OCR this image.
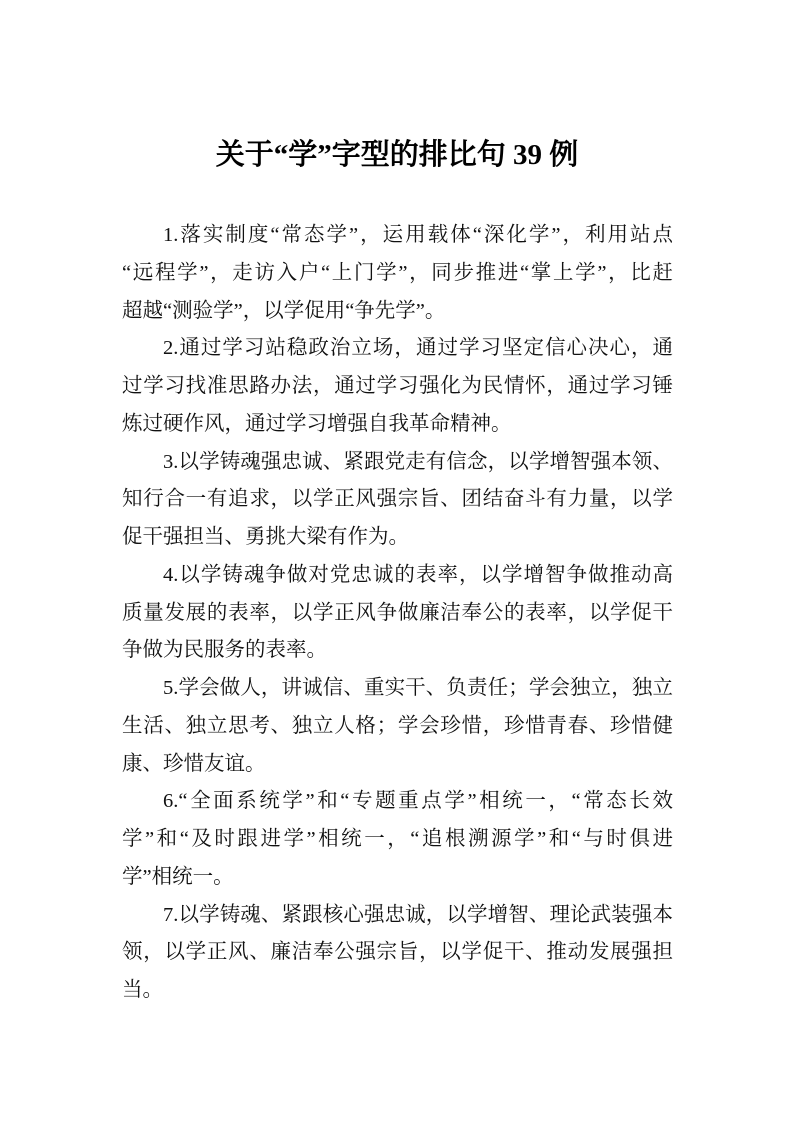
关于“学”字型的排比句 39 例
1.落实制度“常态学”，运用载体“深化学”，利用站点
“远程学”，走访入户“上门学”，同步推进“掌上学”，比赶
超越“测验学”，以学促用“争先学”。
2.通过学习站稳政治立场，通过学习坚定信心决心，通
过学习找准思路办法，通过学习强化为民情怀，通过学习锤
炼过硬作风，通过学习增强自我革命精神。
3.以学铸魂强忠诚、紧跟党走有信念，以学增智强本领、
知行合一有追求，以学正风强宗旨、团结奋斗有力量，以学
促干强担当、勇挑大梁有作为。
4.以学铸魂争做对党忠诚的表率，以学增智争做推动高
质量发展的表率，以学正风争做廉洁奉公的表率，以学促干
争做为民服务的表率。
5.学会做人，讲诚信、重实干、负责任；学会独立，独立
生活、独立思考、独立人格；学会珍惜，珍惜青春、珍惜健
康、珍惜友谊。
6.“全面系统学”和“专题重点学”相统一，“常态长效
学”和“及时跟进学”相统一，“追根溯源学”和“与时俱进
学”相统一。
7.以学铸魂、紧跟核心强忠诚，以学增智、理论武装强本
领，以学正风、廉洁奉公强宗旨，以学促干、推动发展强担
当。
